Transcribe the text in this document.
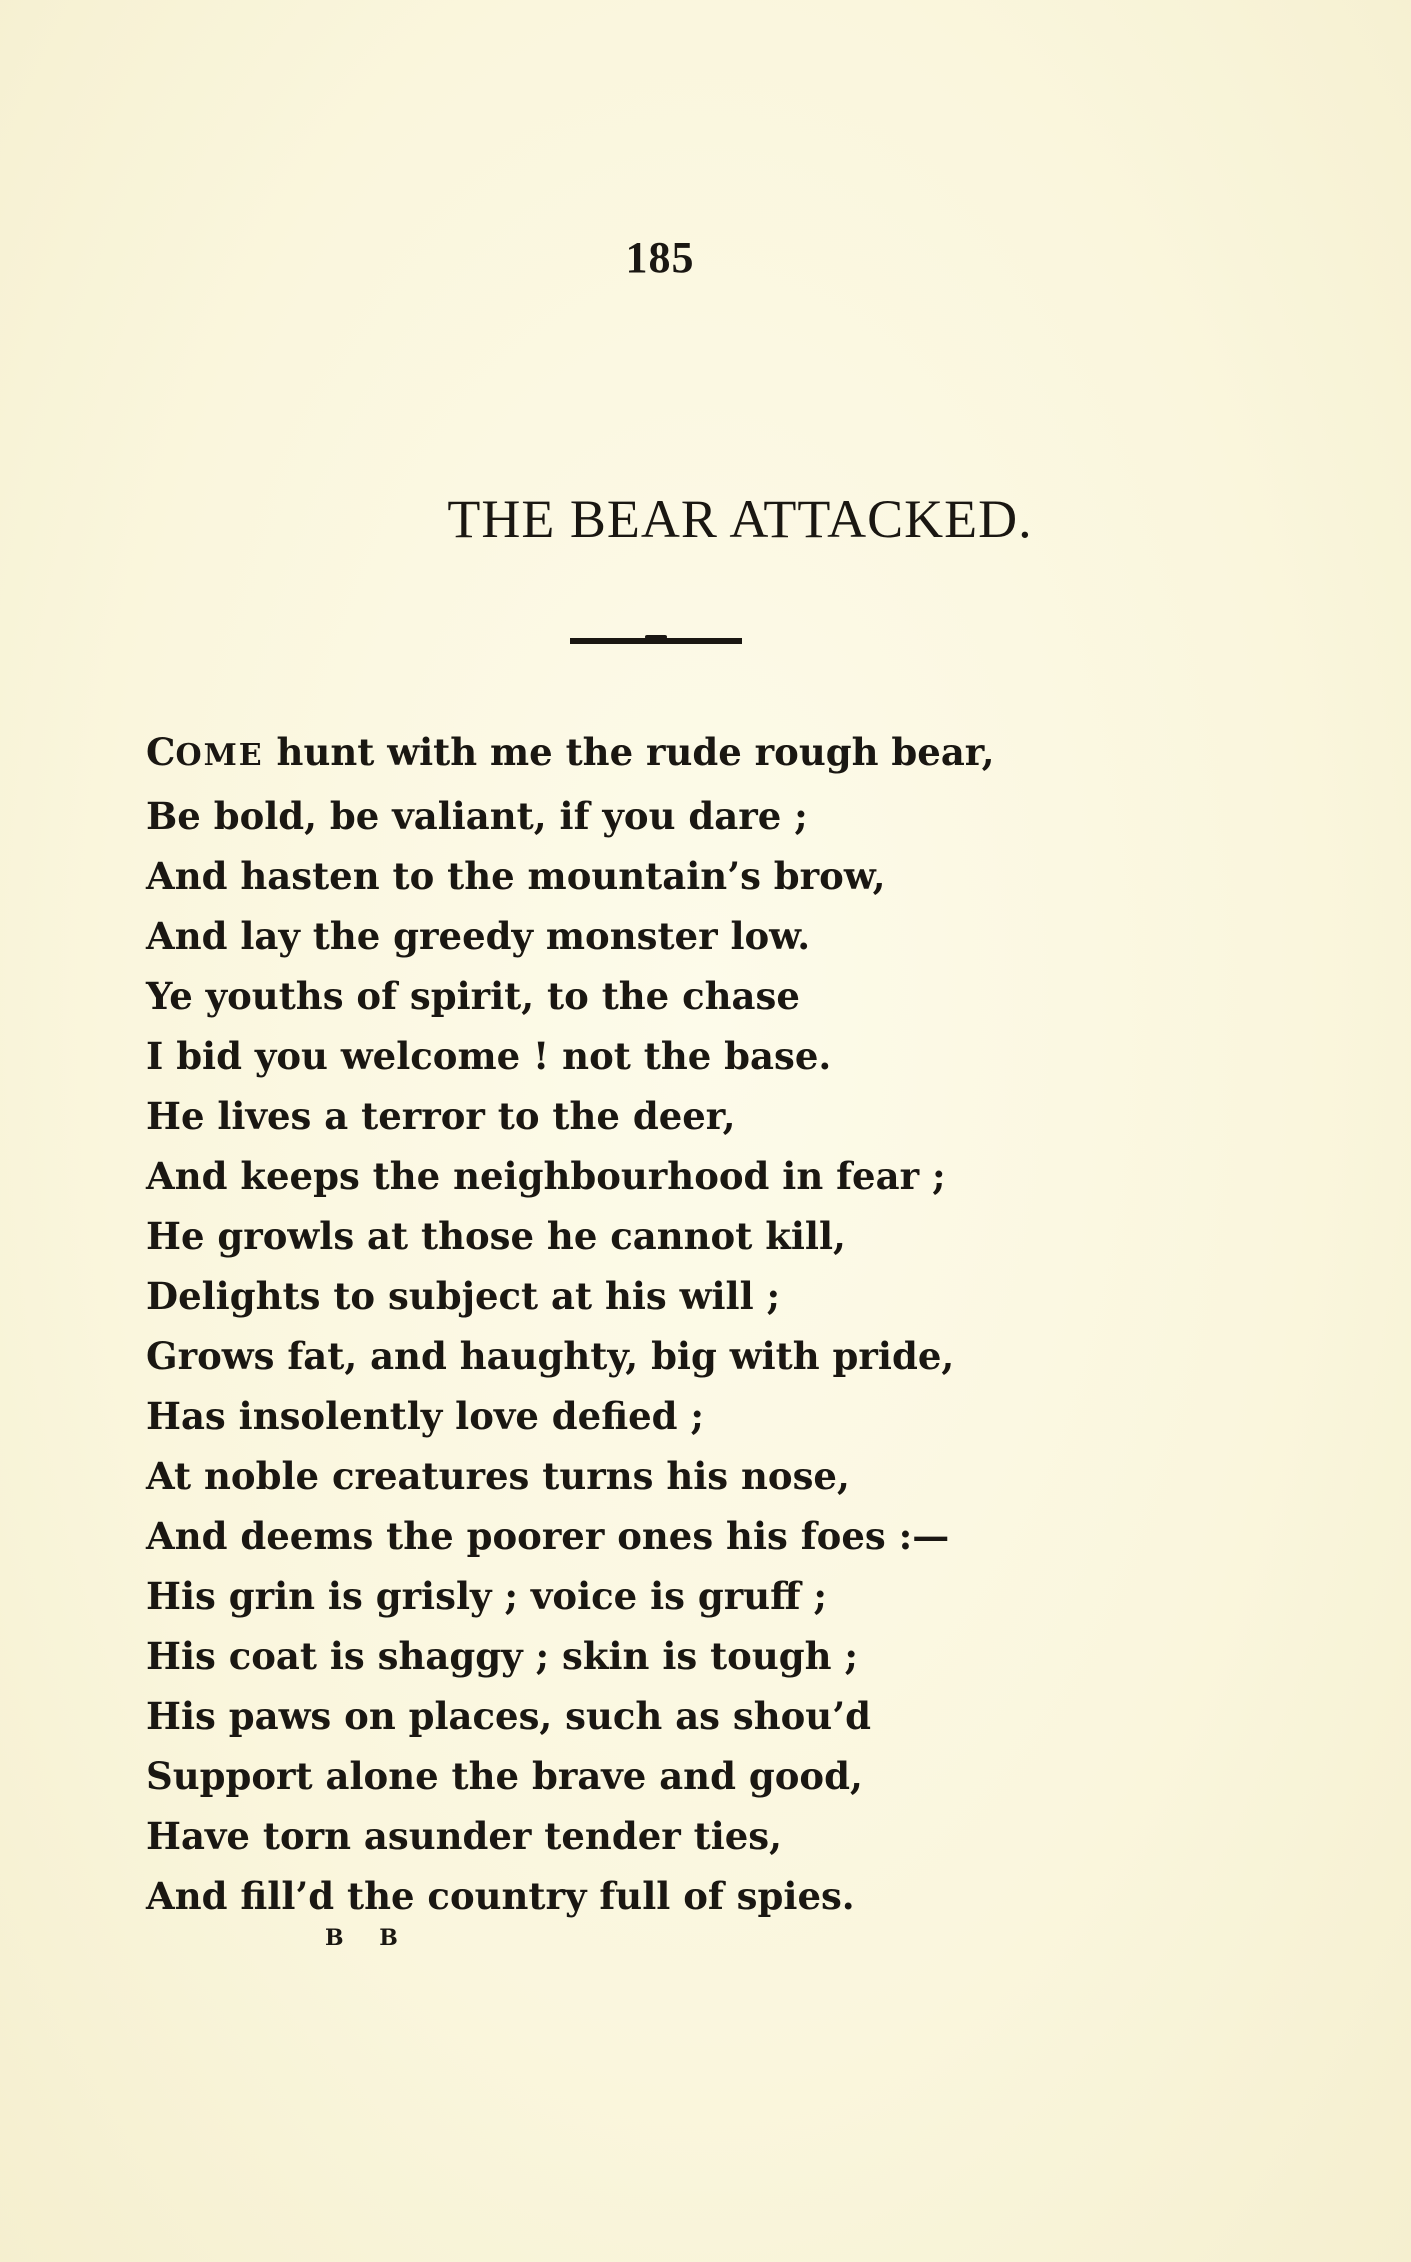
185
THE BEAR ATTACKED.
COME hunt with me the rude rough bear,
Be bold, be valiant, if you dare ;
And hasten to the mountain’s brow,
And lay the greedy monster low.
Ye youths of spirit, to the chase
I bid you welcome ! not the base.
He lives a terror to the deer,
And keeps the neighbourhood in fear ;
He growls at those he cannot kill,
Delights to subject at his will ;
Grows fat, and haughty, big with pride,
Has insolently love defied ;
At noble creatures turns his nose,
And deems the poorer ones his foes :—
His grin is grisly ; voice is gruff ;
His coat is shaggy ; skin is tough ;
His paws on places, such as shou’d
Support alone the brave and good,
Have torn asunder tender ties,
And fill’d the country full of spies.
B B
